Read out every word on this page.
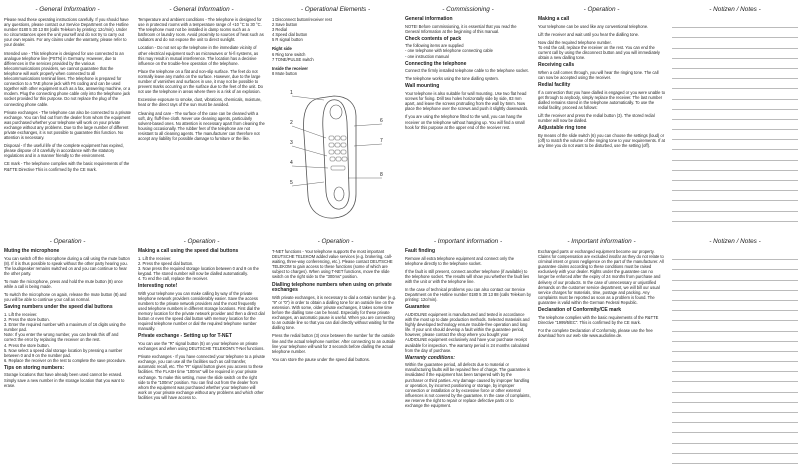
- General Information -

Please read these operating instructions carefully. If you should have any questions, please contact our Service Department on the Hotline number 0180 5 30 13 88 (calls Telekom by printing: 12c/min). Under no circumstances open the unit yourself and do not try to carry out your own repairs. For any claims under the warranty, please refer to your dealer.

Intended use - This telephone is designed for use connected to an analogue telephone line (PSTN) in Germany. However, due to differences in the services provided by the various telecommunications providers, we cannot guarantee that the telephone will work properly when connected to all telecommunications terminal lines. The telephone is prepared for connection to a TAE phone jack with F6 coding and can be used together with other equipment such as a fax, answering machine, or a modem. Plug the connecting phone cable only into the telephone jack socket provided for this purpose. Do not replace the plug of the connecting phone cable.

Private exchanges - The telephone can also be connected to a private exchange. You can find out from the dealer from whom the equipment was purchased whether your telephone will work on your private exchange without any problems. Due to the large number of different private exchanges, it is not possible to guarantee this function. No attention is necessary.

Disposal - If the useful life of the complete equipment has expired, please dispose of it carefully in accordance with the statutory regulations and in a manner friendly to the environment.

CE mark - The telephone complies with the basic requirements of the R&TTE Directive This is confirmed by the CE mark.

- General Information -

Temperature and ambient conditions - The telephone is designed for use in protected rooms with a temperature range of +10 °C to 30 °C. The telephone must not be installed in damp rooms such as a bathroom or laundry room. Avoid proximity to sources of heat such as radiators and do not expose the unit to direct sunlight.

Location - Do not set up the telephone in the immediate vicinity of other electrical equipment such as microwaves or hi-fi systems, as this may result in mutual interference. The location has a decisive influence on the trouble-free operation of the telephone.

Place the telephone on a flat and non-slip surface. The feet do not normally leave any marks on the surface. However, due to the large number of varnishes and surfaces in use, it may not be possible to prevent marks occurring on the surface due to the feet of the unit. Do not use the telephone in areas where there is a risk of an explosion.

Excessive exposure to smoke, dust, vibrations, chemicals, moisture, heat or the direct rays of the sun must be avoided.

Cleaning and care - The surface of the case can be cleaned with a soft, dry, fluff-free cloth. Never use cleaning agents, particularly solvent-based ones. No attention is necessary apart from cleaning the housing occasionally. The rubber feet of the telephone are not resistant to all cleaning agents. The manufacturer can therefore not accept any liability for possible damage to furniture or the like.

- Operational Elements -
1 Disconnect button/receiver rest
2 Save button
3 Redial
4 Speed dial button
5 R signal button
Right side
6 Ring tone switch
7 TONE/PULSE switch
Inside the receiver
8 Mute button
1
2
3
4
5
6
7
8
- Commissioning -
General information

NOTE! Before commissioning, it is essential that you read the General Information at the beginning of this manual.

Check contents of pack

The following items are supplied
- one telephone with telephone connecting cable
- one instruction manual

Connecting the telephone

Connect the firmly installed telephone cable to the telephone socket.

The telephone works using the tone dialling system.

Wall mounting

Your telephone is also suitable for wall mounting. Use two flat head screws for fixing. Drill two holes horizontally side by side, 83 mm apart, and leave the screws protruding from the wall by 5mm. Now place the telephone over the screws and push it slightly downwards.

If you are using the telephone fitted to the wall, you can hang the receiver on the telephone without hanging up. You will find a small hook for this purpose at the upper end of the receiver rest.

- Operation -
Making a call

Your telephone can be used like any conventional telephone.

Lift the receiver and wait until you hear the dialling tone.

Now dial the required telephone number.
To end the call, replace the receiver on the rest. You can end the current call by using the disconnect button and you will immediately obtain a new dialling tone.

Receiving calls

When a call comes through, you will hear the ringing tone. The call can now be accepted using the receiver.

Redial facility

If a connection that you have dialled is engaged or you were unable to get through to anybody, simply replace the receiver. The last number dialled remains stored in the telephone automatically. To use the redial facility, proceed as follows:

Lift the receiver and press the redial button (3). The stored redial number will now be dialled.

Adjustable ring tone

By means of the slide switch (6) you can choose the settings (loud) or (off) to match the volume of the ringing tone to your requirements. If at any time you do not want to be disturbed, use the setting (off).

- Notizen / Notes -
- Operation -
Muting the microphone

You can switch off the microphone during a call using the mute button (8). If it is thus possible to speak without the other party hearing you. The loudspeaker remains switched on and you can continue to hear the other party.

To mute the microphone, press and hold the mute button (8) once while a call is being made.

To switch the microphone on again, release the mute button (8) and you will be able to continue your call as normal.

Saving numbers under the speed dial buttons
1. Lift the receiver.
2. Press the store button.
3. Enter the required number with a maximum of 16 digits using the number pad.
Note: If you enter the wrong number, you can break this off and correct the error by replacing the receiver on the rest.
4. Press the store button.
5. Now select a speed dial storage location by pressing a number between 0 and 9 on the number pad.
6. Replace the receiver on the rest to complete the save procedure.
Tips on storing numbers:

Storage locations that have already been used cannot be erased. Simply save a new number in the storage location that you want to erase.

- Operation -
Making a call using the speed dial buttons
1. Lift the receiver.
2. Press the speed dial button.
3. Now press the required storage location between 0 and 9 on the keypad. The stored number will now be dialled automatically.
4. To end the call, replace the receiver.
Interesting note!

With your telephone you can make calling by way of the private telephone network providers considerably easier. Save the access numbers to the private network providers and the most frequently used telephone numbers in different storage locations. First dial the memory location for the private network provider and then a direct dial button or even the speed dial button with memory location for the required telephone number or dial the required telephone number manually.

Private exchange - Setting up for T-NET

You can use the "R" signal button (5) on your telephone on private exchanges and when using DEUTSCHE TELEKOM's T-Net functions.

Private exchanges - If you have connected your telephone to a private exchange, you can use all the facilities such as call transfer, automatic recall, etc. The "R" signal button gives you access to these facilities. The FLASH time "100ms" will be required in your private exchange. To make this setting, move the slide switch on the right side to the "100ms" position. You can find out from the dealer from whom the equipment was purchased whether your telephone will work on your private exchange without any problems and which other facilities you will have access to.

- Operation -

T-NET functions - Your telephone supports the most important DEUTSCHE TELEKOM added value services (e.g. brokering, call-waiting, three-way conferencing, etc.). Please contact DEUTSCHE TELEKOM to gain access to these functions (some of which are subject to charges). When using T-NET functions, move the slide switch on the right side to the "300ms" position.

Dialling telephone numbers when using on private exchanges

With private exchanges, it is necessary to dial a certain number (e.g. "9" or "0") in order to obtain a dialling tone for an outside line on the extension. With some, older private exchanges, it takes some time before the dialling tone can be heard. Especially for these private exchanges, an automatic pause is useful. When you are connecting to an outside line so that you can dial directly without waiting for the dialling tone.

Press the redial button (3) once between the number for the outside line and the actual telephone number. After connecting to an outside line your telephone will wait for 3 seconds before dialling the actual telephone number.

You can store the pause under the speed dial buttons.

- Important information -
Fault finding

Remove all extra telephone equipment and connect only the telephone directly to the telephone socket.

If the fault is still present, connect another telephone (if available) to the telephone socket. The results will show you whether the fault lies with the unit or with the telephone line.

In the case of technical problems you can also contact our Service Department on the Hotline number 0180 5 30 13 88 (calls Telekom by printing: 12c/min).

Guarantee

AUDIOLINE equipment is manufactured and tested in accordance with the most up to date production methods. Selected materials and highly developed technology ensure trouble-free operation and long life. If your unit should develop a fault within the guarantee period, however, please contact the shop where you bought your AUDIOLINE equipment exclusively and have your purchase receipt available for inspection. The warranty period is 24 months calculated from the day of purchase.

Warranty conditions:

Within the guarantee period, all defects due to material or manufacturing faults will be repaired free of charge. The guarantee is invalidated if the equipment has been tampered with by the purchaser or third parties. Any damage caused by improper handling or operation, by incorrect positioning or storage, by improper connection or installation or by excessive force or other external influences is not covered by the guarantee. In the case of complaints, we reserve the right to repair or replace defective parts or to exchange the equipment.

- Important information -

Exchanged parts or exchanged equipment become our property. Claims for compensation are excluded insofar as they do not relate to criminal intent or gross negligence on the part of the manufacturer. All guarantee claims according to these conditions must be raised exclusively with your dealer. Rights under the guarantee can no longer be enforced after the expiry of 24 months from purchase and delivery of our products. In the case of unnecessary or unjustified demands on the customer service department, we will bill our usual service charges for materials, time, postage and packing. Any complaints must be reported as soon as a problem is found. The guarantee is valid within the German Federal Republic.

Declaration of Conformity/CE mark

The telephone complies with the basic requirements of the R&TTE Directive "1999/5/EC". This is confirmed by the CE mark.

For the complete Declaration of Conformity, please use the free download from our web site www.audioline.de.

- Notizen / Notes -
